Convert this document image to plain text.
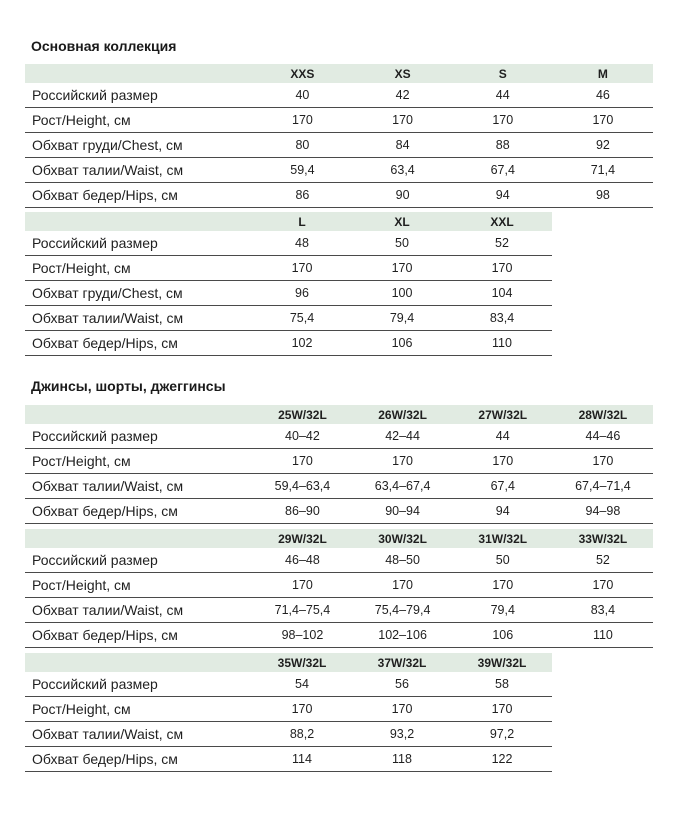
Основная коллекция
	XXS	XS	S	M
Российский размер	40	42	44	46
Рост/Height, см	170	170	170	170
Обхват груди/Chest, см	80	84	88	92
Обхват талии/Waist, см	59,4	63,4	67,4	71,4
Обхват бедер/Hips, см	86	90	94	98
	L	XL	XXL
Российский размер	48	50	52
Рост/Height, см	170	170	170
Обхват груди/Chest, см	96	100	104
Обхват талии/Waist, см	75,4	79,4	83,4
Обхват бедер/Hips, см	102	106	110
Джинсы, шорты, джеггинсы
	25W/32L	26W/32L	27W/32L	28W/32L
Российский размер	40–42	42–44	44	44–46
Рост/Height, см	170	170	170	170
Обхват талии/Waist, см	59,4–63,4	63,4–67,4	67,4	67,4–71,4
Обхват бедер/Hips, см	86–90	90–94	94	94–98
	29W/32L	30W/32L	31W/32L	33W/32L
Российский размер	46–48	48–50	50	52
Рост/Height, см	170	170	170	170
Обхват талии/Waist, см	71,4–75,4	75,4–79,4	79,4	83,4
Обхват бедер/Hips, см	98–102	102–106	106	110
	35W/32L	37W/32L	39W/32L
Российский размер	54	56	58
Рост/Height, см	170	170	170
Обхват талии/Waist, см	88,2	93,2	97,2
Обхват бедер/Hips, см	114	118	122
